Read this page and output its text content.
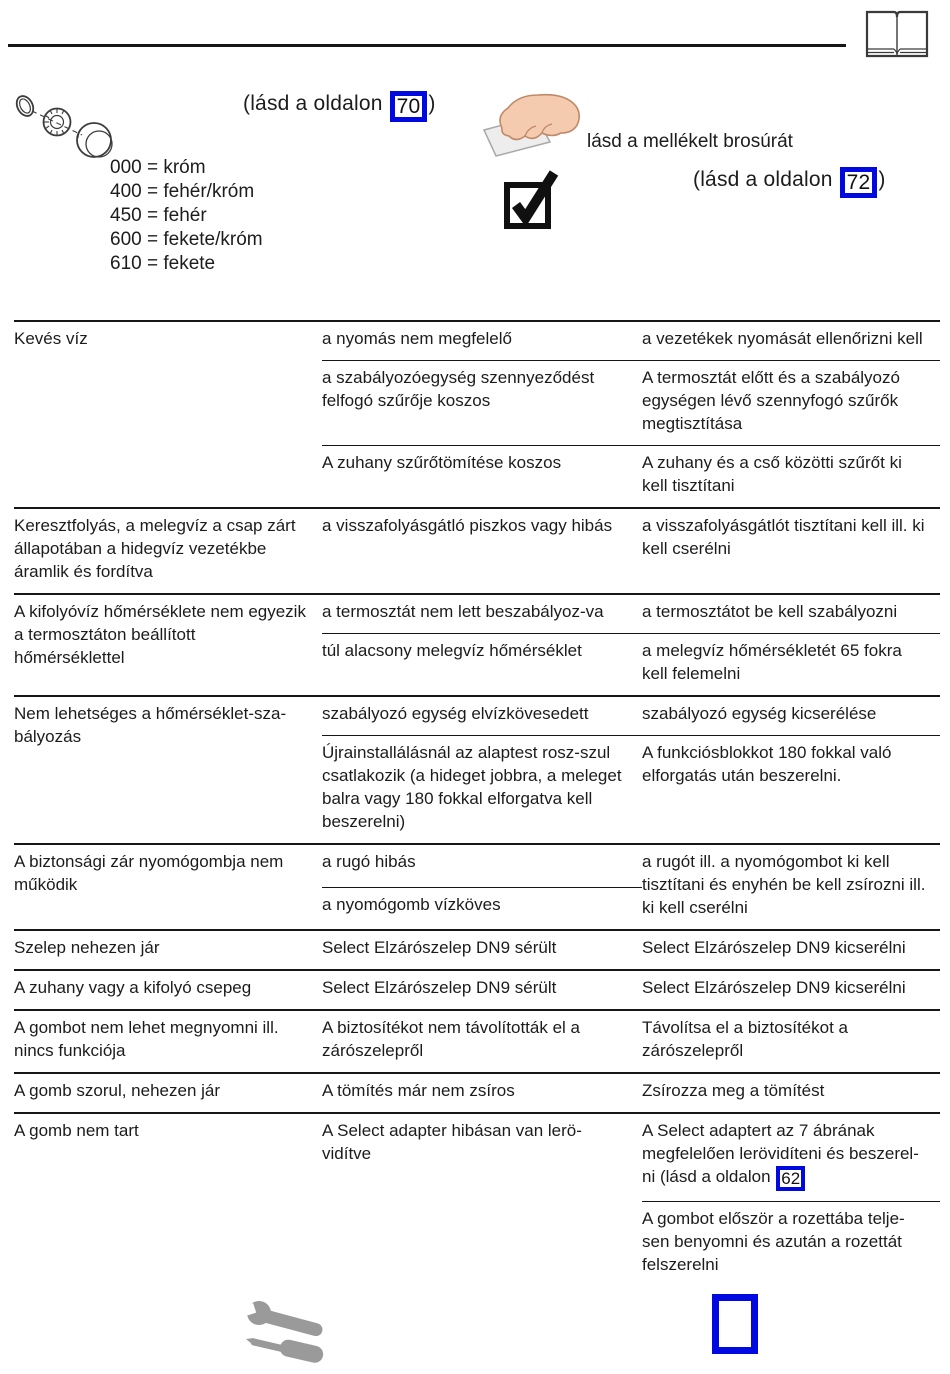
(lásd a oldalon 70 )
lásd a mellékelt brosúrát
(lásd a oldalon 72 )
000 = króm
400 = fehér/króm
450 = fehér
600 = fekete/króm
610 = fekete
Kevés víz	a nyomás nem megfelelő	a vezetékek nyomását ellenőrizni kell
	a szabályozóegység szennyeződést felfogó szűrője koszos	A termosztát előtt és a szabályozó egységen lévő szennyfogó szűrők megtisztítása
	A zuhany szűrőtömítése koszos	A zuhany és a cső közötti szűrőt ki kell tisztítani
Keresztfolyás, a melegvíz a csap zárt állapotában a hidegvíz vezetékbe áramlik és fordítva	a visszafolyásgátló piszkos vagy hibás	a visszafolyásgátlót tisztítani kell ill. ki kell cserélni
A kifolyóvíz hőmérséklete nem egyezik a termosztáton beállított hőmérséklettel	a termosztát nem lett beszabályoz-va	a termosztátot be kell szabályozni
	túl alacsony melegvíz hőmérséklet	a melegvíz hőmérsékletét 65 fokra kell felemelni
Nem lehetséges a hőmérséklet-sza-bályozás	szabályozó egység elvízkövesedett	szabályozó egység kicserélése
	Újrainstallálásnál az alaptest rosz-szul csatlakozik (a hideget jobbra, a meleget balra vagy 180 fokkal elforgatva kell beszerelni)	A funkciósblokkot 180 fokkal való elforgatás után beszerelni.
A biztonsági zár nyomógombja nem működik	a rugó hibás	a rugót ill. a nyomógombot ki kell tisztítani és enyhén be kell zsírozni ill. ki kell cserélni
	a nyomógomb vízköves	
Szelep nehezen jár	Select Elzárószelep DN9 sérült	Select Elzárószelep DN9 kicserélni
A zuhany vagy a kifolyó csepeg	Select Elzárószelep DN9 sérült	Select Elzárószelep DN9 kicserélni
A gombot nem lehet megnyomni ill. nincs funkciója	A biztosítékot nem távolították el a zárószelepről	Távolítsa el a biztosítékot a zárószelepről
A gomb szorul, nehezen jár	A tömítés már nem zsíros	Zsírozza meg a tömítést
A gomb nem tart	A Select adapter hibásan van lerö-vidítve	A Select adaptert az 7 ábrának megfelelően lerövidíteni és beszerel-ni (lásd a oldalon 62
		A gombot először a rozettába telje-sen benyomni és azután a rozettát felszerelni
